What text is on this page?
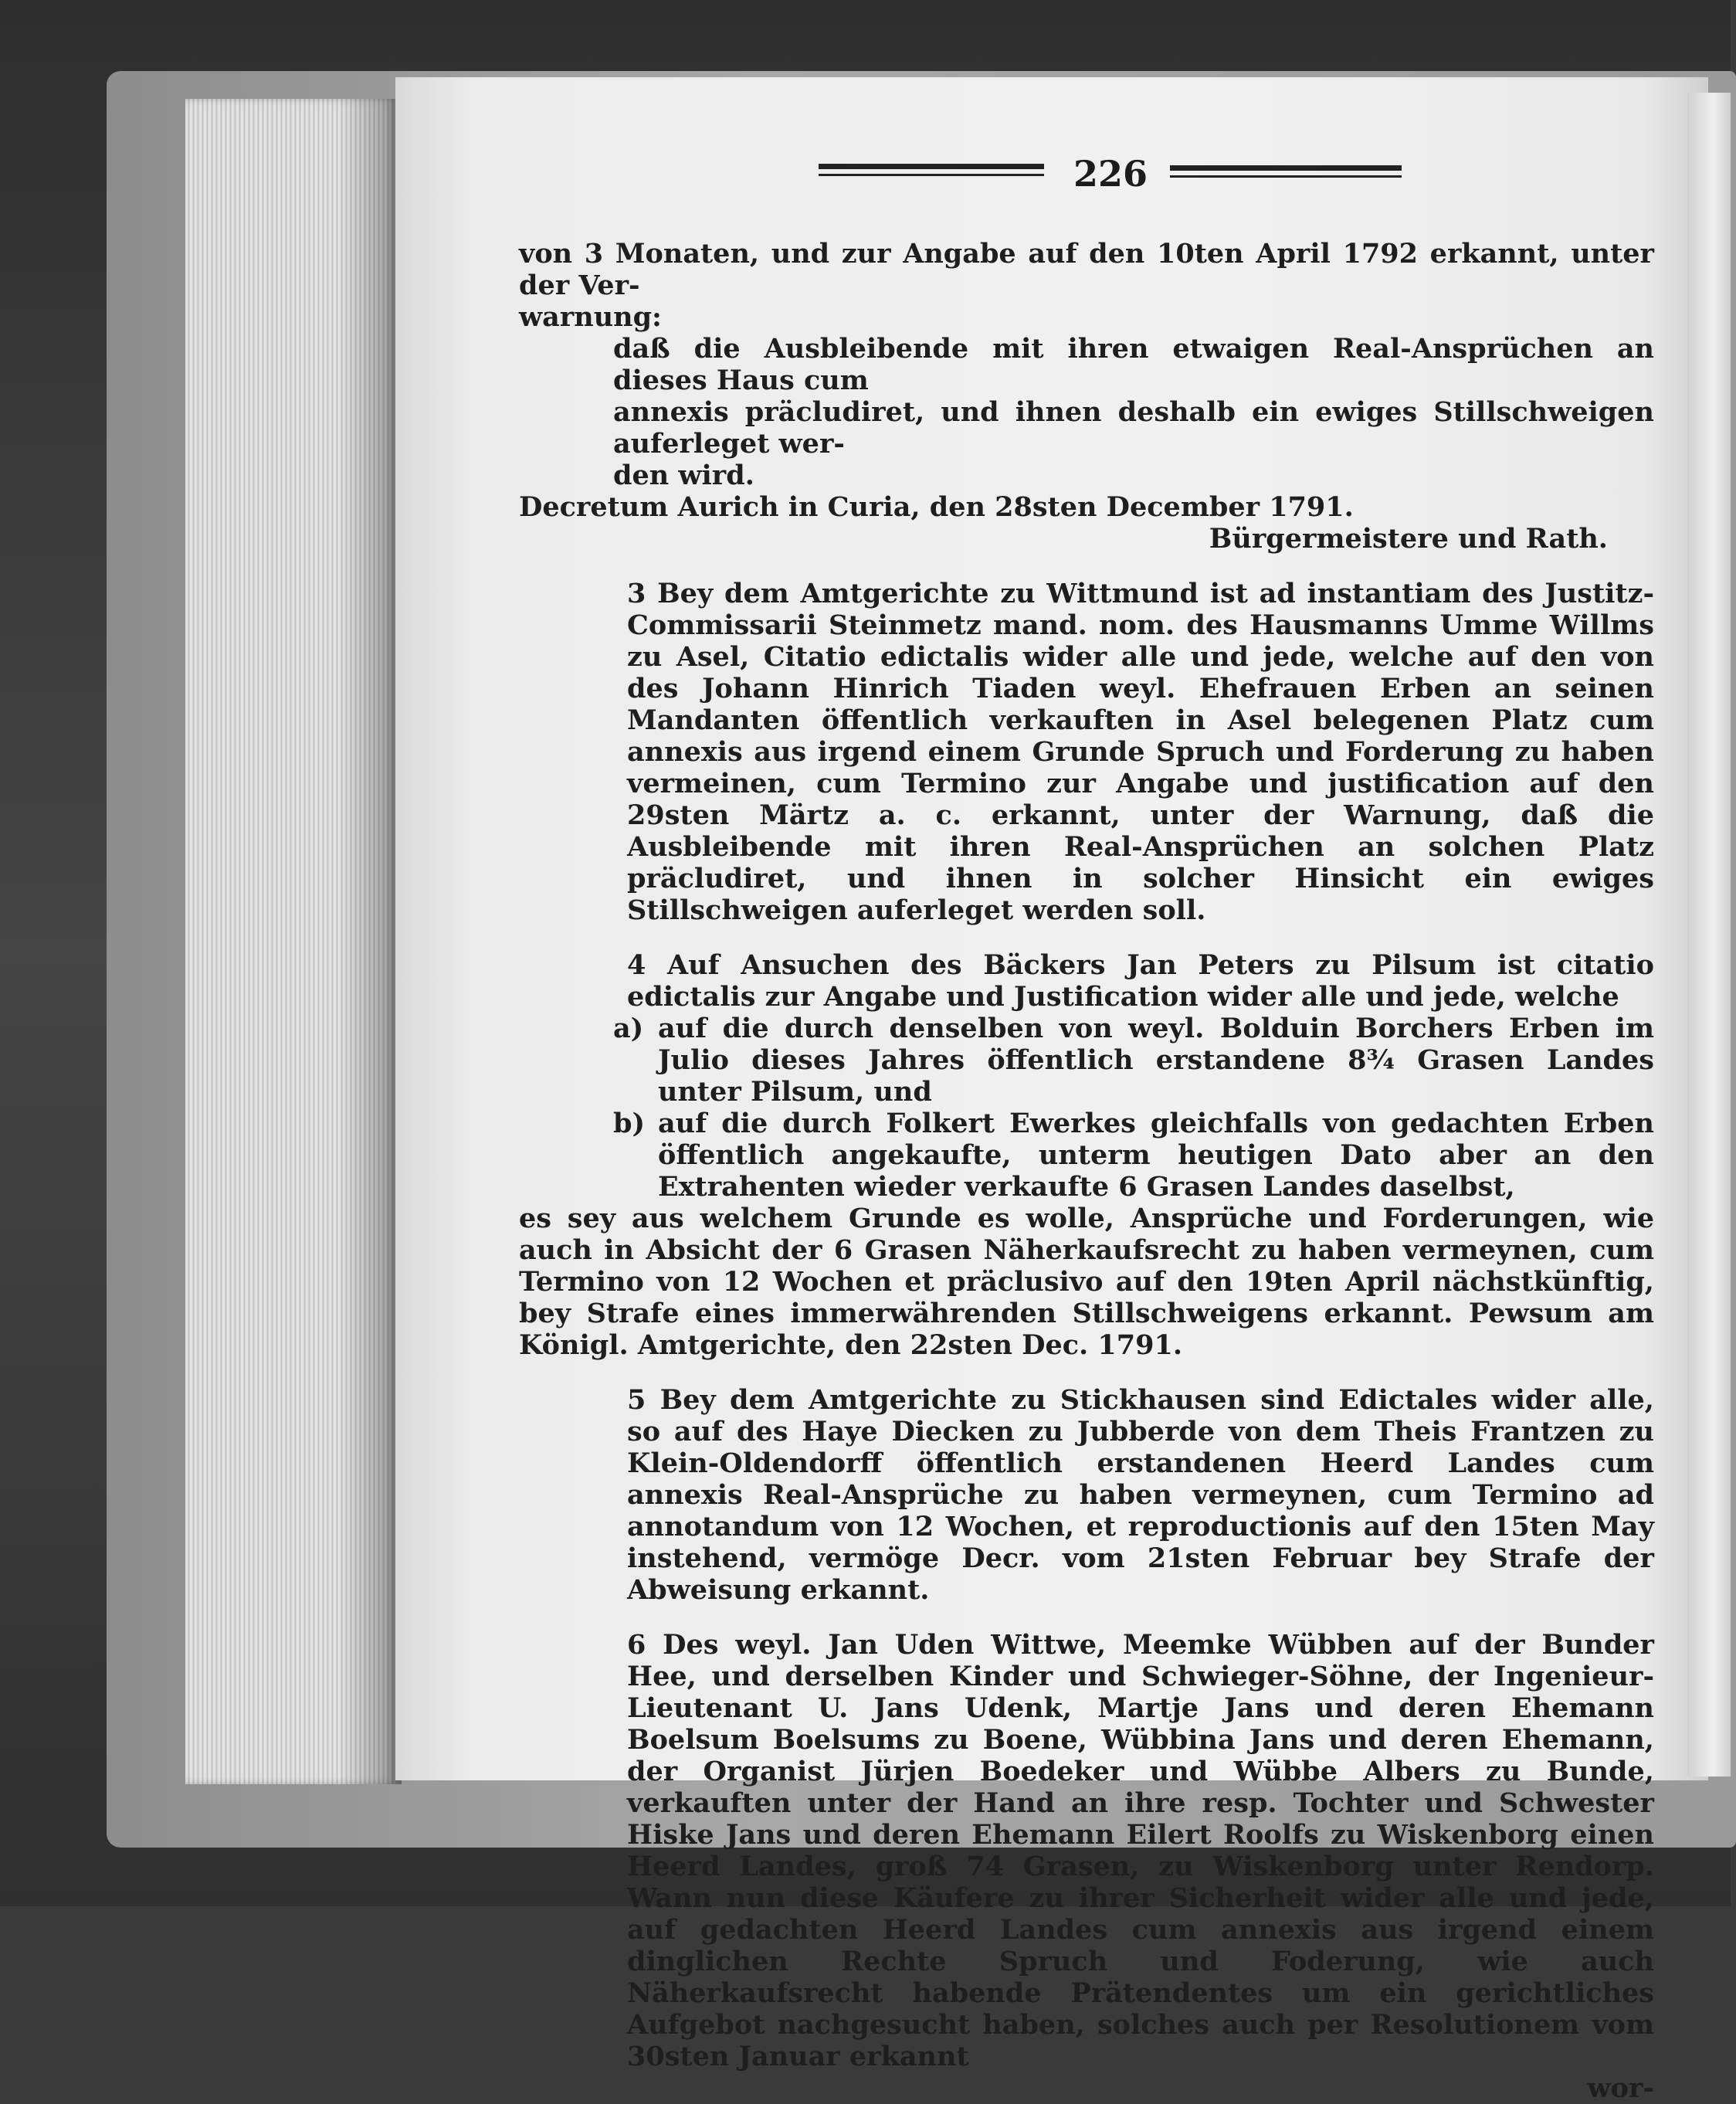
226

von 3 Monaten, und zur Angabe auf den 10ten April 1792 erkannt, unter der Ver-

warnung:

daß die Ausbleibende mit ihren etwaigen Real-Ansprüchen an dieses Haus cum

annexis präcludiret, und ihnen deshalb ein ewiges Stillschweigen auferleget wer-

den wird.

Decretum Aurich in Curia, den 28sten December 1791.

Bürgermeistere und Rath.

3 Bey dem Amtgerichte zu Wittmund ist ad instantiam des Justitz-Commissarii Steinmetz mand. nom. des Hausmanns Umme Willms zu Asel, Citatio edictalis wider alle und jede, welche auf den von des Johann Hinrich Tiaden weyl. Ehefrauen Erben an seinen Mandanten öffentlich verkauften in Asel belegenen Platz cum annexis aus irgend einem Grunde Spruch und Forderung zu haben vermeinen, cum Termino zur Angabe und justification auf den 29sten Märtz a. c. erkannt, unter der Warnung, daß die Ausbleibende mit ihren Real-Ansprüchen an solchen Platz präcludiret, und ihnen in solcher Hinsicht ein ewiges Stillschweigen auferleget werden soll.

4 Auf Ansuchen des Bäckers Jan Peters zu Pilsum ist citatio edictalis zur Angabe und Justification wider alle und jede, welche

a) auf die durch denselben von weyl. Bolduin Borchers Erben im Julio dieses Jahres öffentlich erstandene 8¾ Grasen Landes unter Pilsum, und
b) auf die durch Folkert Ewerkes gleichfalls von gedachten Erben öffentlich angekaufte, unterm heutigen Dato aber an den Extrahenten wieder verkaufte 6 Grasen Landes daselbst,

es sey aus welchem Grunde es wolle, Ansprüche und Forderungen, wie auch in Absicht der 6 Grasen Näherkaufsrecht zu haben vermeynen, cum Termino von 12 Wochen et präclusivo auf den 19ten April nächstkünftig, bey Strafe eines immerwährenden Stillschweigens erkannt. Pewsum am Königl. Amtgerichte, den 22sten Dec. 1791.

5 Bey dem Amtgerichte zu Stickhausen sind Edictales wider alle, so auf des Haye Diecken zu Jubberde von dem Theis Frantzen zu Klein-Oldendorff öffentlich erstandenen Heerd Landes cum annexis Real-Ansprüche zu haben vermeynen, cum Termino ad annotandum von 12 Wochen, et reproductionis auf den 15ten May instehend, vermöge Decr. vom 21sten Februar bey Strafe der Abweisung erkannt.

6 Des weyl. Jan Uden Wittwe, Meemke Wübben auf der Bunder Hee, und derselben Kinder und Schwieger-Söhne, der Ingenieur-Lieutenant U. Jans Udenk, Martje Jans und deren Ehemann Boelsum Boelsums zu Boene, Wübbina Jans und deren Ehemann, der Organist Jürjen Boedeker und Wübbe Albers zu Bunde, verkauften unter der Hand an ihre resp. Tochter und Schwester Hiske Jans und deren Ehemann Eilert Roolfs zu Wiskenborg einen Heerd Landes, groß 74 Grasen, zu Wiskenborg unter Rendorp. Wann nun diese Käufere zu ihrer Sicherheit wider alle und jede, auf gedachten Heerd Landes cum annexis aus irgend einem dinglichen Rechte Spruch und Foderung, wie auch Näherkaufsrecht habende Prätendentes um ein gerichtliches Aufgebot nachgesucht haben, solches auch per Resolutionem vom 30sten Januar erkannt

wor-
